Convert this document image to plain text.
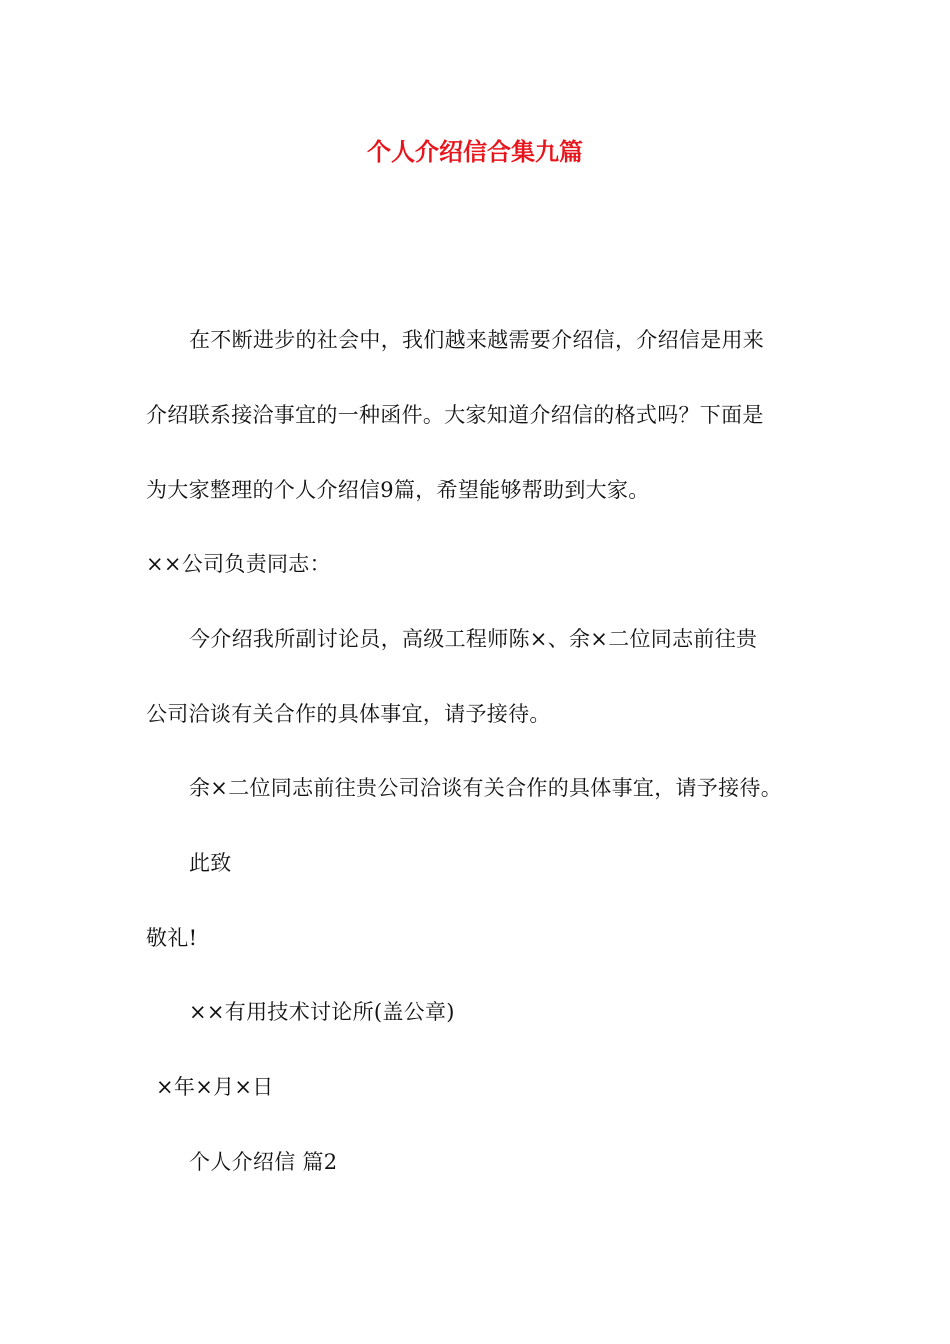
个人介绍信合集九篇
在不断进步的社会中，我们越来越需要介绍信，介绍信是用来
介绍联系接洽事宜的一种函件。大家知道介绍信的格式吗？下面是
为大家整理的个人介绍信9篇，希望能够帮助到大家。
××公司负责同志：
今介绍我所副讨论员，高级工程师陈×、余×二位同志前往贵
公司洽谈有关合作的具体事宜，请予接待。
余×二位同志前往贵公司洽谈有关合作的具体事宜，请予接待。
此致
敬礼!
××有用技术讨论所(盖公章)
×年×月×日
个人介绍信 篇2
